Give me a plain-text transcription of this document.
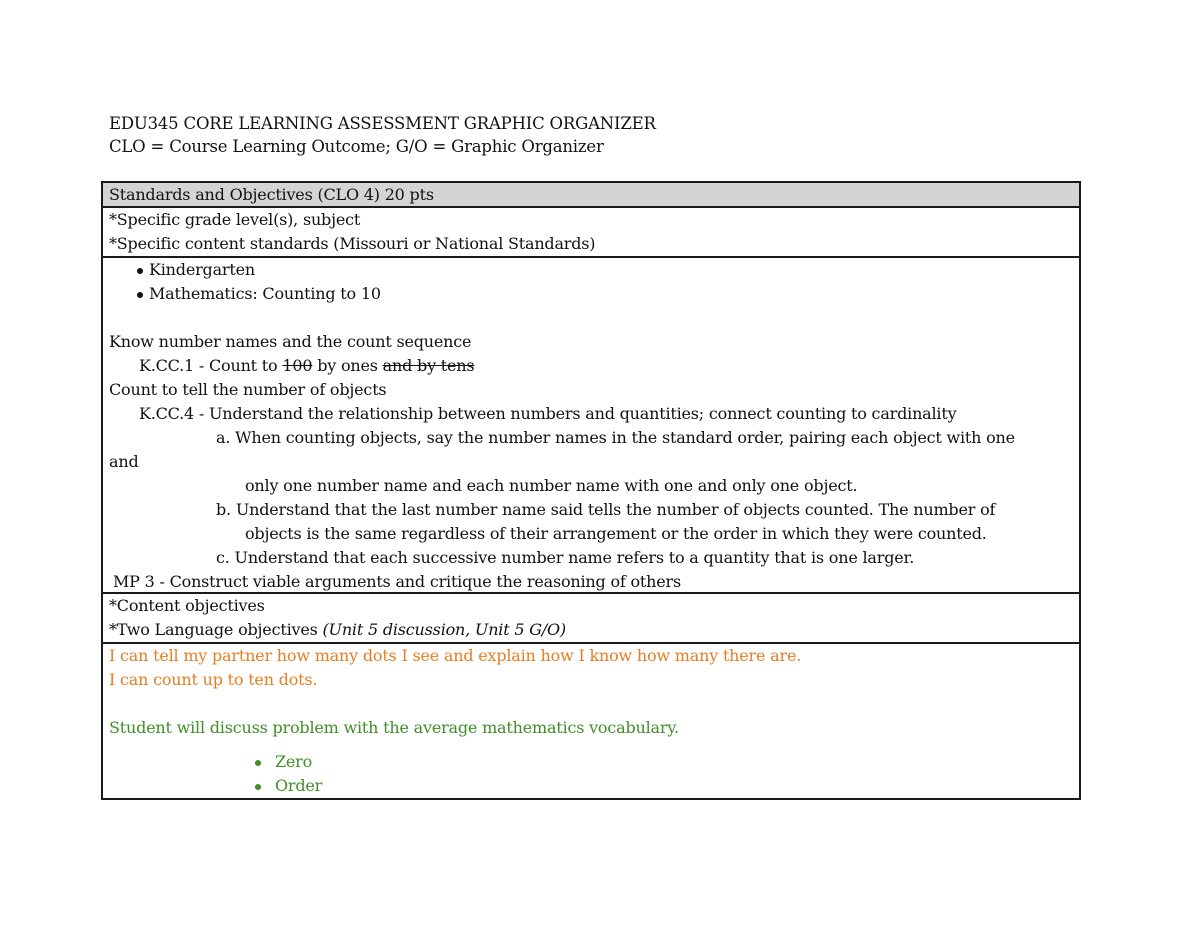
EDU345 CORE LEARNING ASSESSMENT GRAPHIC ORGANIZER
CLO = Course Learning Outcome; G/O = Graphic Organizer
Standards and Objectives (CLO 4) 20 pts
*Specific grade level(s), subject
*Specific content standards (Missouri or National Standards)
Kindergarten
Mathematics: Counting to 10
Know number names and the count sequence
K.CC.1 - Count to 100 by ones and by tens
Count to tell the number of objects
K.CC.4 - Understand the relationship between numbers and quantities; connect counting to cardinality
a. When counting objects, say the number names in the standard order, pairing each object with one
and
only one number name and each number name with one and only one object.
b. Understand that the last number name said tells the number of objects counted. The number of
objects is the same regardless of their arrangement or the order in which they were counted.
c. Understand that each successive number name refers to a quantity that is one larger.
MP 3 - Construct viable arguments and critique the reasoning of others
*Content objectives
*Two Language objectives (Unit 5 discussion, Unit 5 G/O)
I can tell my partner how many dots I see and explain how I know how many there are.
I can count up to ten dots.
Student will discuss problem with the average mathematics vocabulary.
Zero
Order
